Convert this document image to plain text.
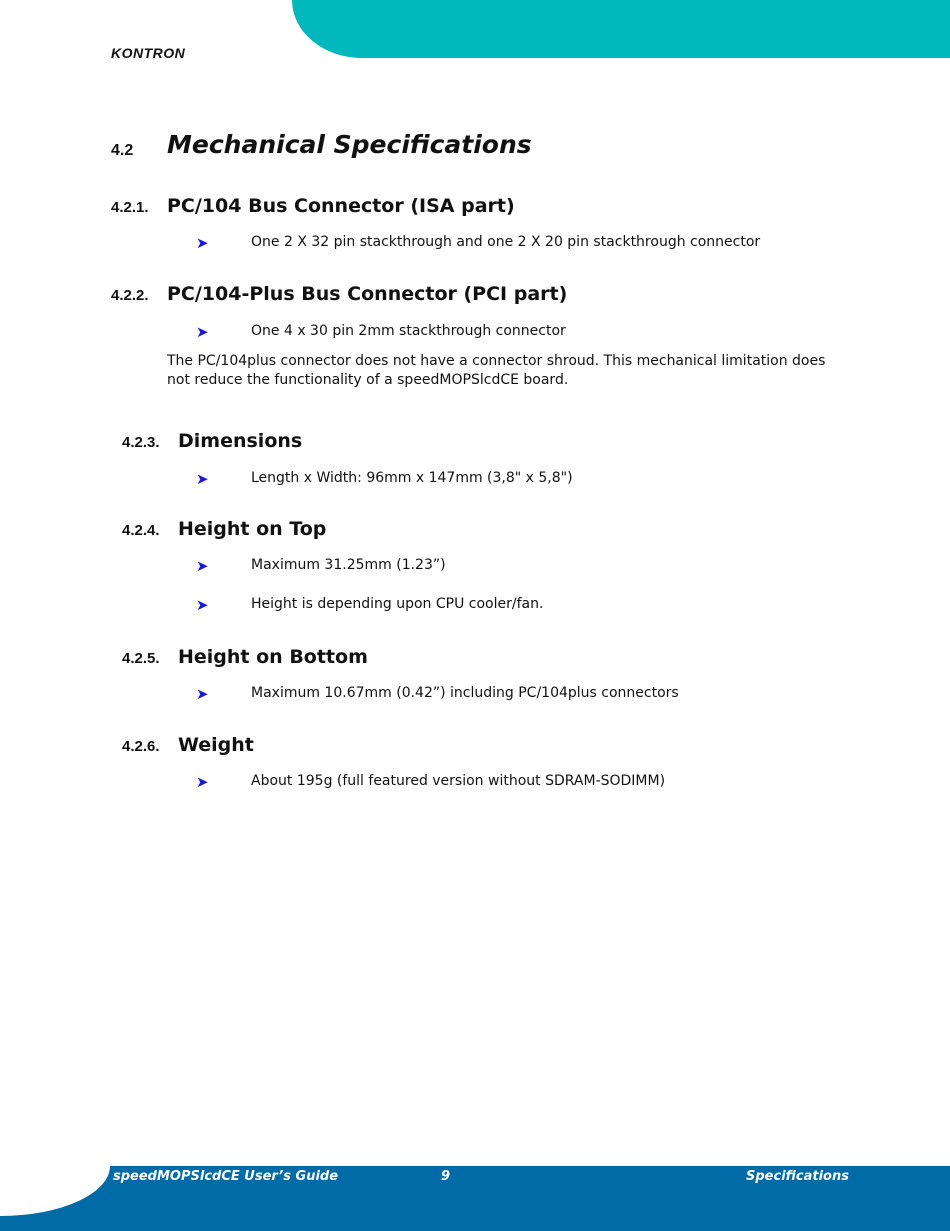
KONTRON
4.2 Mechanical Specifications
4.2.1. PC/104 Bus Connector (ISA part)
➤	One 2 X 32 pin stackthrough and one 2 X 20 pin stackthrough connector
4.2.2. PC/104-Plus Bus Connector (PCI part)
➤	One 4 x 30 pin 2mm stackthrough connector
The PC/104plus connector does not have a connector shroud. This mechanical limitation does not reduce the functionality of a speedMOPSlcdCE board.
4.2.3. Dimensions
➤	Length x Width: 96mm x 147mm (3,8" x 5,8")
4.2.4. Height on Top
➤	Maximum 31.25mm (1.23”)
➤	Height is depending upon CPU cooler/fan.
4.2.5. Height on Bottom
➤	Maximum 10.67mm (0.42”) including PC/104plus connectors
4.2.6. Weight
➤	About 195g (full featured version without SDRAM-SODIMM)
speedMOPSlcdCE User’s Guide	9	Specifications
